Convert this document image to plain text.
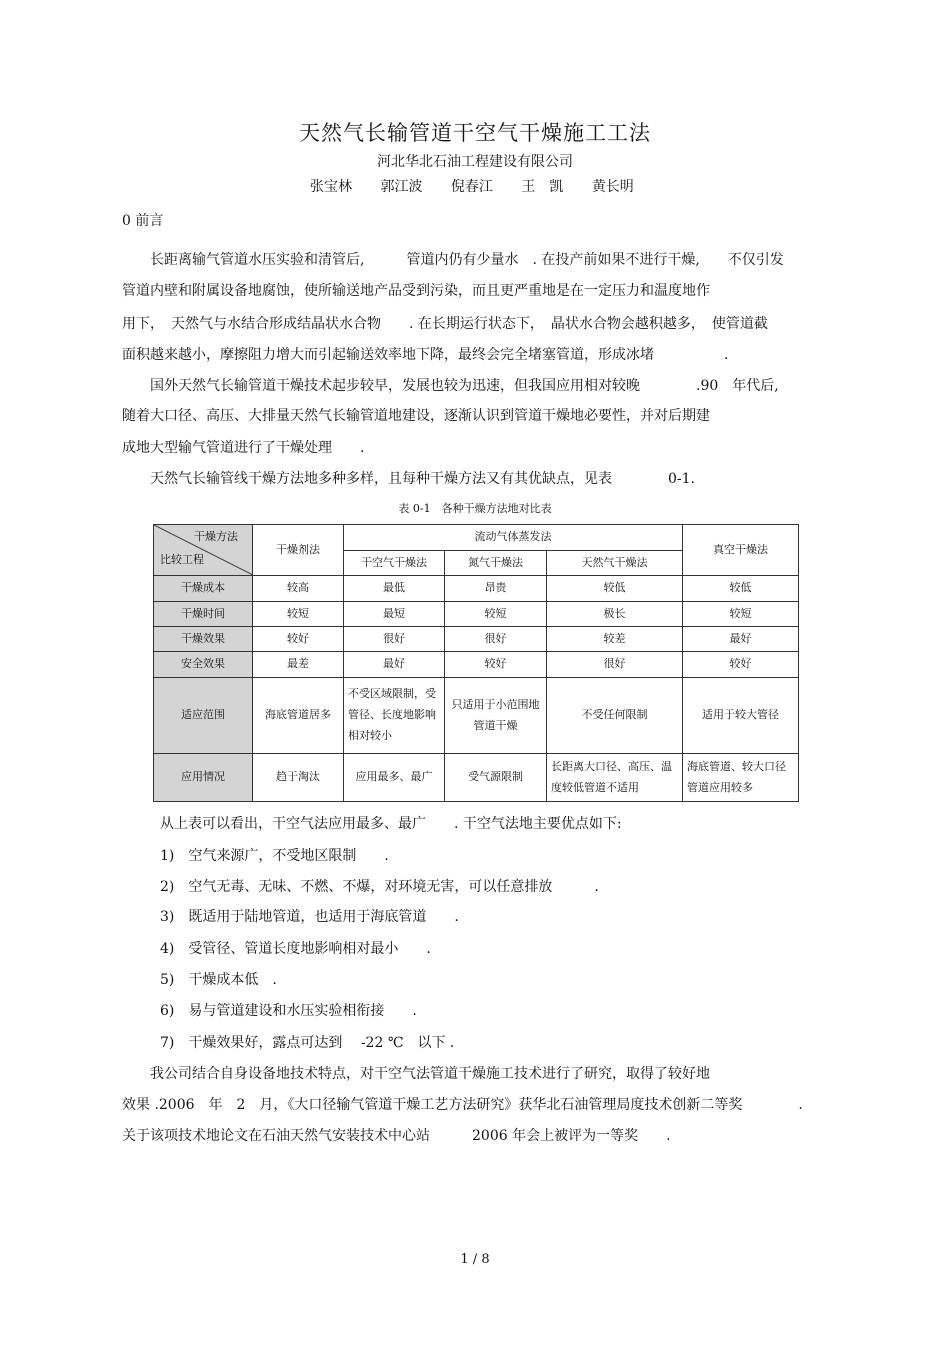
天然气长输管道干空气干燥施工工法
河北华北石油工程建设有限公司
张宝林 郭江波 倪春江 王　凯 黄长明
0 前言
　　长距离输气管道水压实验和清管后,　　　管道内仍有少量水　. 在投产前如果不进行干燥,　　不仅引发
管道内壁和附属设备地腐蚀，使所输送地产品受到污染，而且更严重地是在一定压力和温度地作
用下，　天然气与水结合形成结晶状水合物　　. 在长期运行状态下，　晶状水合物会越积越多，　使管道截
面积越来越小，摩擦阻力增大而引起输送效率地下降，最终会完全堵塞管道，形成冰堵　　　　　.
　　国外天然气长输管道干燥技术起步较早，发展也较为迅速，但我国应用相对较晚　　　　.90　年代后,
随着大口径、高压、大排量天然气长输管道地建设，逐渐认识到管道干燥地必要性，并对后期建
成地大型输气管道进行了干燥处理　　.
　　天然气长输管线干燥方法地多种多样，且每种干燥方法又有其优缺点，见表　　　　0-1.
表 0-1　各种干燥方法地对比表
干燥方法
比较工程	干燥剂法	流动气体蒸发法			真空干燥法
		干空气干燥法	氮气干燥法	天然气干燥法	
干燥成本	较高	最低	昂贵	较低	较低
干燥时间	较短	最短	较短	极长	较短
干燥效果	较好	很好	很好	较差	最好
安全效果	最差	最好	较好	很好	较好
适应范围	海底管道居多	不受区域限制，受管径、长度地影响相对较小	只适用于小范围地管道干燥	不受任何限制	适用于较大管径
应用情况	趋于淘汰	应用最多、最广	受气源限制	长距离大口径、高压、温度较低管道不适用	海底管道、较大口径管道应用较多
从上表可以看出，干空气法应用最多、最广　　. 干空气法地主要优点如下:
1)　空气来源广，不受地区限制　　.
2)　空气无毒、无味、不燃、不爆，对环境无害，可以任意排放　　　.
3)　既适用于陆地管道，也适用于海底管道　　.
4)　受管径、管道长度地影响相对最小　　.
5)　干燥成本低　.
6)　易与管道建设和水压实验相衔接　　.
7)　干燥效果好，露点可达到　 -22 ℃　以下 .
　　我公司结合自身设备地技术特点，对干空气法管道干燥施工技术进行了研究，取得了较好地
效果 .2006　年　2　月，《大口径输气管道干燥工艺方法研究》获华北石油管理局度技术创新二等奖　　　　.
关于该项技术地论文在石油天然气安装技术中心站　　　2006 年会上被评为一等奖　　.
1 / 8
